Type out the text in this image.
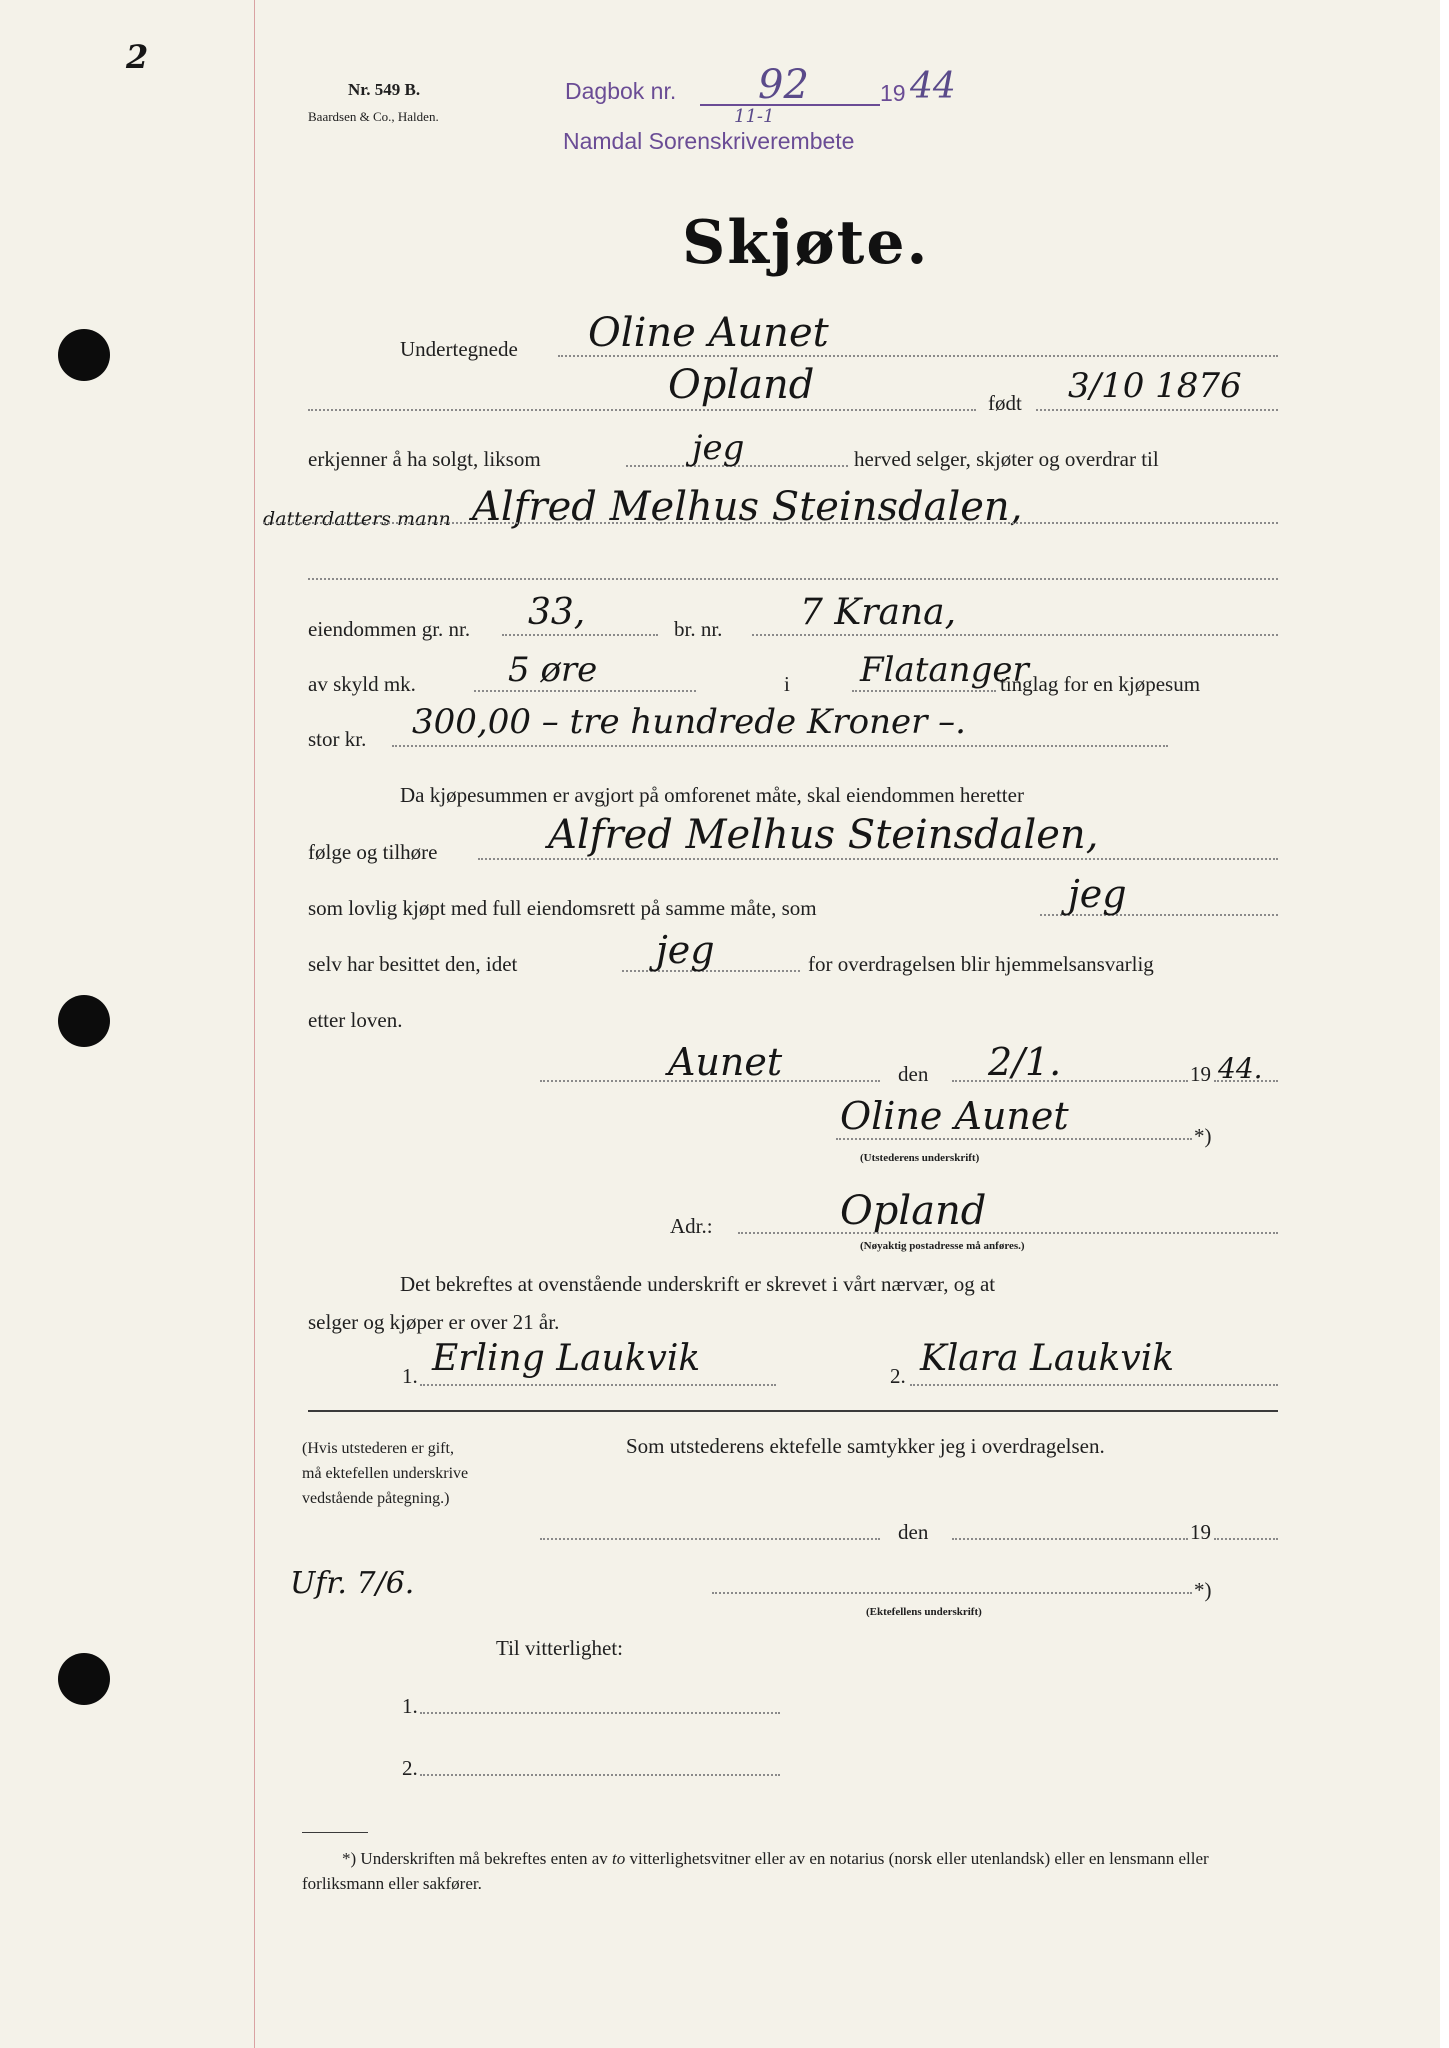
2
Nr. 549 B.
Baardsen & Co., Halden.
Dagbok nr. 92	19 44
11-1
Namdal Sorenskriverembete
Skjøte.
Undertegnede Oline Aunet
Opland	født 3/10 1876
erkjenner å ha solgt, liksom	jeg	herved selger, skjøter og overdrar til
datterdatters mann Alfred Melhus Steinsdalen,
eiendommen gr. nr. 33,	br. nr. 7 Krana,
av skyld mk.	5 øre	i Flatanger
tinglag for en kjøpesum
stor kr. 300,00 – tre hundrede Kroner –.
Da kjøpesummen er avgjort på omforenet måte, skal eiendommen heretter
følge og tilhøre	Alfred Melhus Steinsdalen,
som lovlig kjøpt med full eiendomsrett på samme måte, som	jeg
selv har besittet den, idet	jeg	for overdragelsen blir hjemmelsansvarlig
etter loven.
Aunet	den 2/1.	19 44.
Oline Aunet	*)
(Utstederens underskrift)
Adr.:	Opland
(Nøyaktig postadresse må anføres.)
Det bekreftes at ovenstående underskrift er skrevet i vårt nærvær, og at
selger og kjøper er over 21 år.
1. Erling Laukvik	2. Klara Laukvik
(Hvis utstederen er gift,
må ektefellen underskrive
vedstående påtegning.)
Som utstederens ektefelle samtykker jeg i overdragelsen.
den	19
Ufr. 7/6.	*)
(Ektefellens underskrift)
Til vitterlighet:
1.
2.
*) Underskriften må bekreftes enten av to vitterlighetsvitner eller av en notarius (norsk eller utenlandsk) eller en lensmann eller forliksmann eller sakfører.
